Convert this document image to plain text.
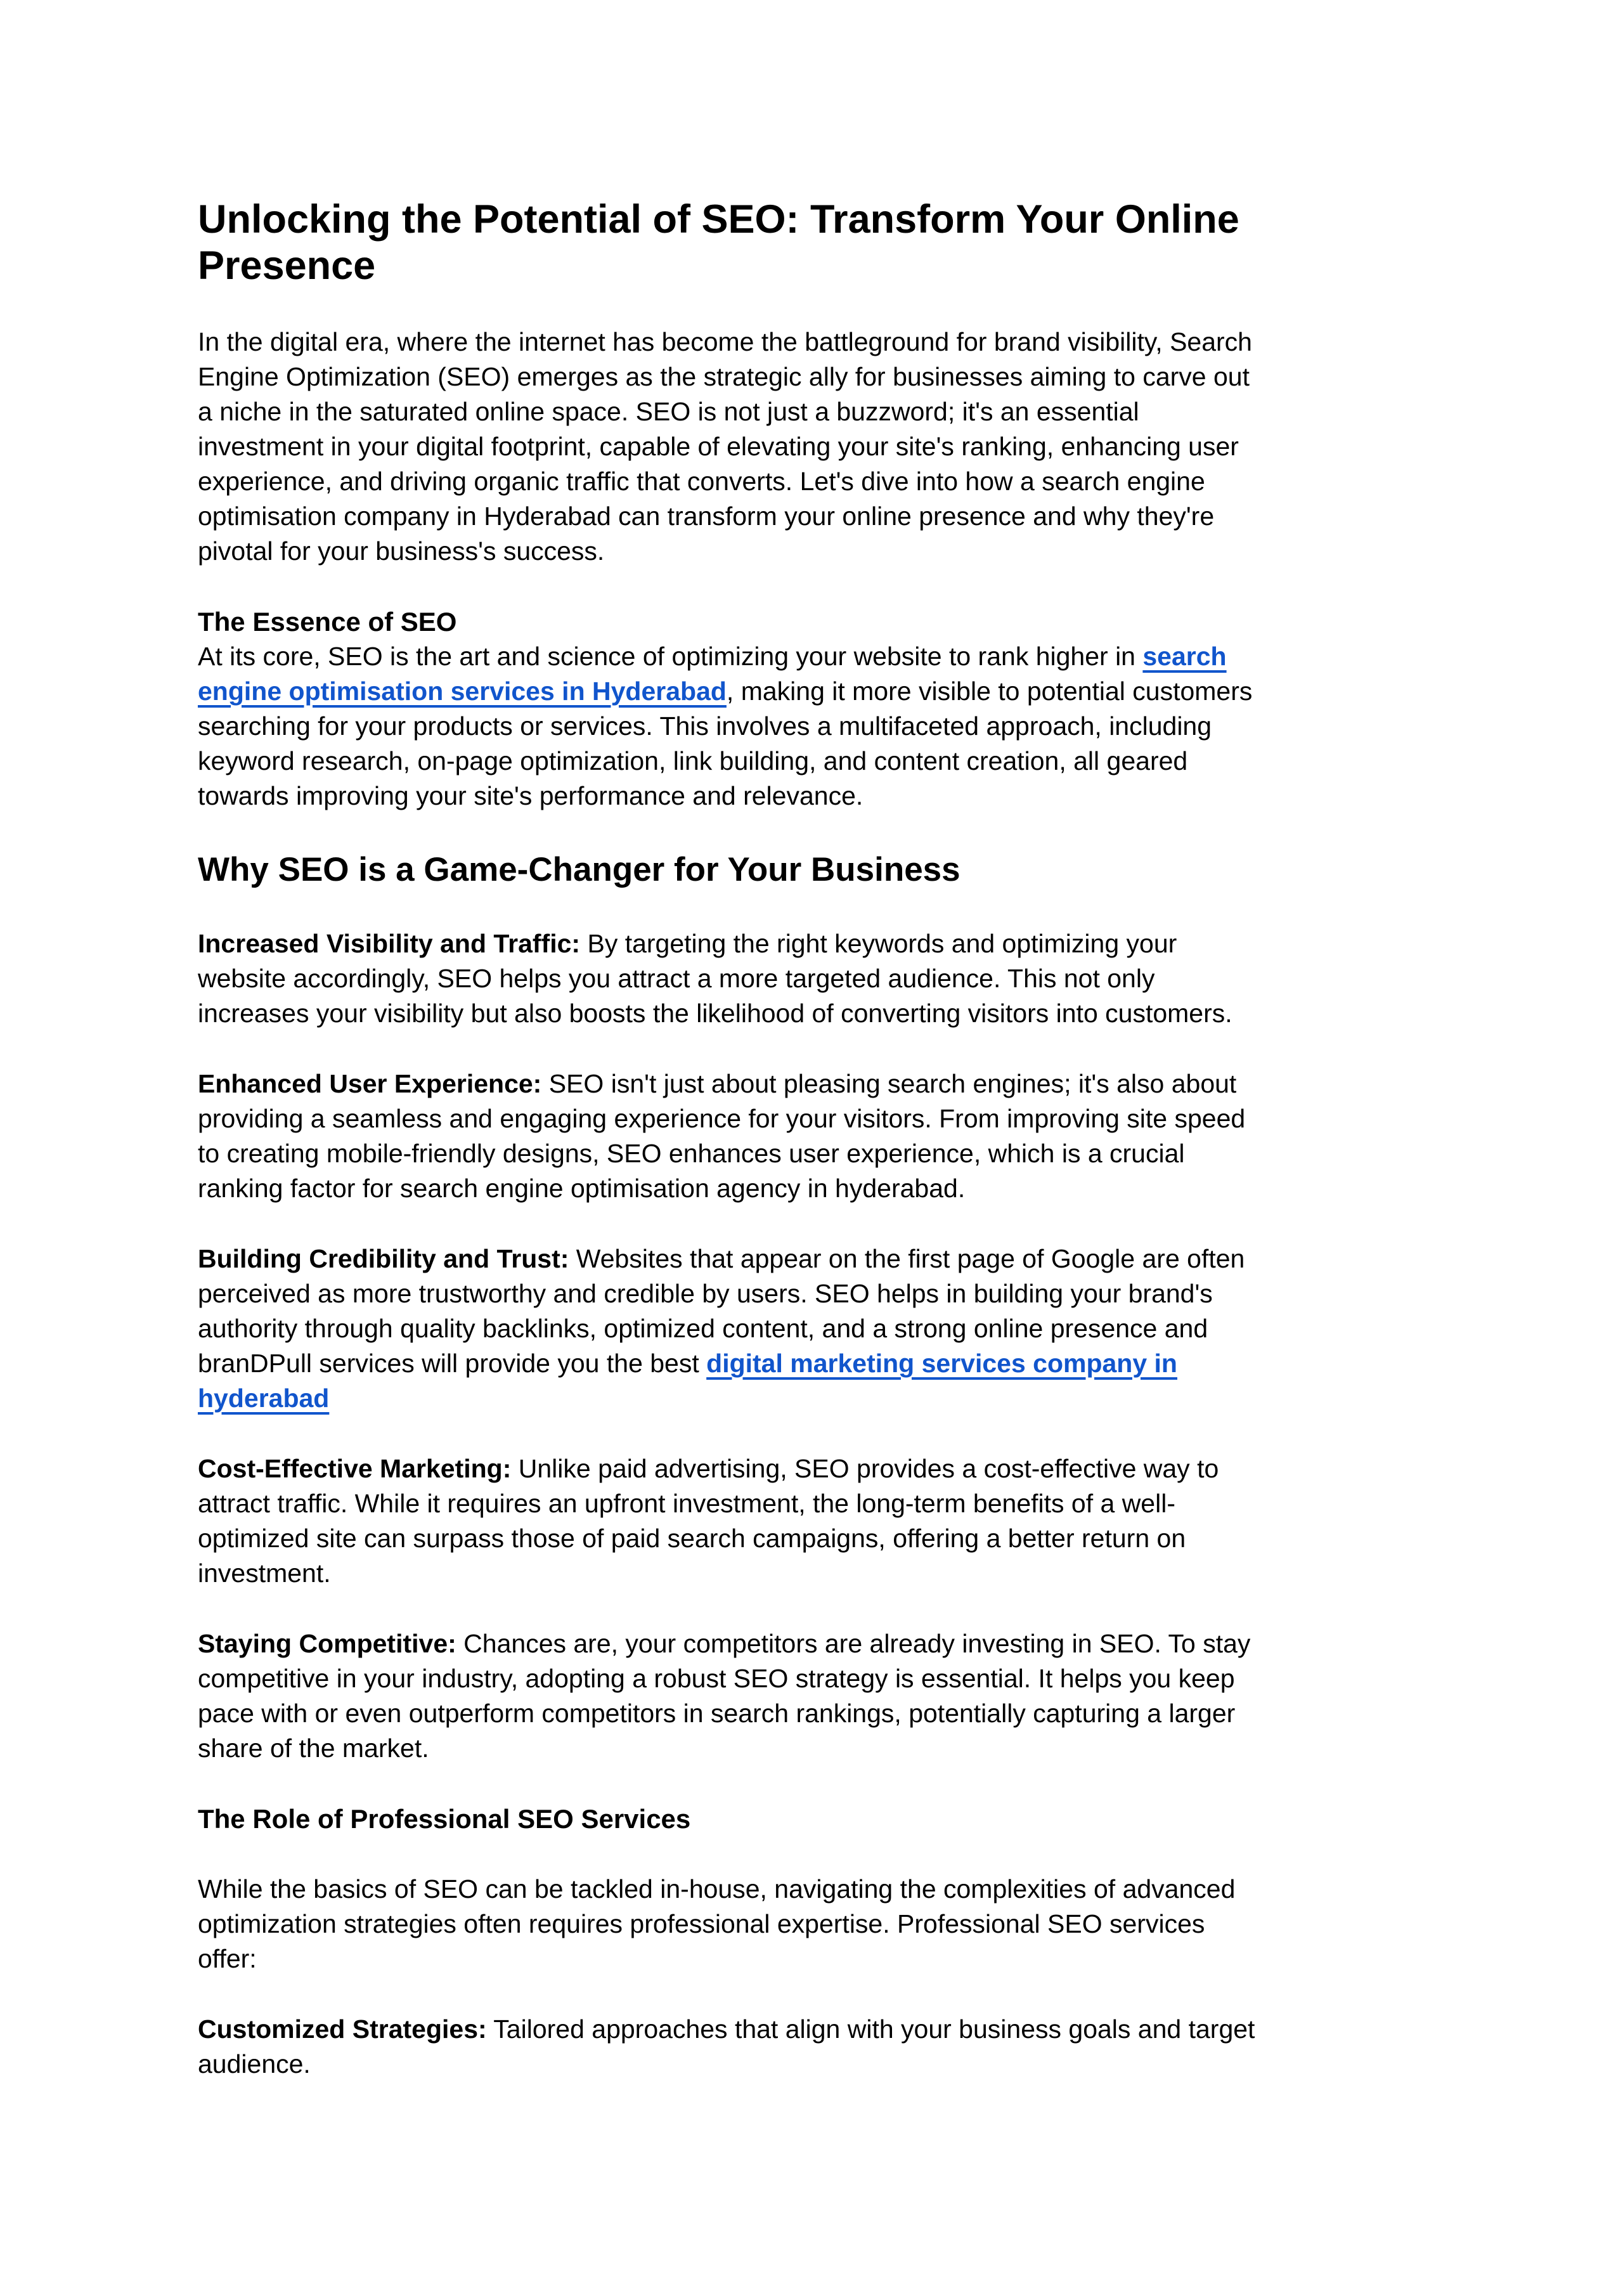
Unlocking the Potential of SEO: Transform Your Online
Presence
In the digital era, where the internet has become the battleground for brand visibility, Search
Engine Optimization (SEO) emerges as the strategic ally for businesses aiming to carve out
a niche in the saturated online space. SEO is not just a buzzword; it's an essential
investment in your digital footprint, capable of elevating your site's ranking, enhancing user
experience, and driving organic traffic that converts. Let's dive into how a search engine
optimisation company in Hyderabad can transform your online presence and why they're
pivotal for your business's success.
The Essence of SEO
At its core, SEO is the art and science of optimizing your website to rank higher in search
engine optimisation services in Hyderabad, making it more visible to potential customers
searching for your products or services. This involves a multifaceted approach, including
keyword research, on-page optimization, link building, and content creation, all geared
towards improving your site's performance and relevance.
Why SEO is a Game-Changer for Your Business
Increased Visibility and Traffic: By targeting the right keywords and optimizing your
website accordingly, SEO helps you attract a more targeted audience. This not only
increases your visibility but also boosts the likelihood of converting visitors into customers.
Enhanced User Experience: SEO isn't just about pleasing search engines; it's also about
providing a seamless and engaging experience for your visitors. From improving site speed
to creating mobile-friendly designs, SEO enhances user experience, which is a crucial
ranking factor for search engine optimisation agency in hyderabad.
Building Credibility and Trust: Websites that appear on the first page of Google are often
perceived as more trustworthy and credible by users. SEO helps in building your brand's
authority through quality backlinks, optimized content, and a strong online presence and
branDPull services will provide you the best digital marketing services company in
hyderabad
Cost-Effective Marketing: Unlike paid advertising, SEO provides a cost-effective way to
attract traffic. While it requires an upfront investment, the long-term benefits of a well-
optimized site can surpass those of paid search campaigns, offering a better return on
investment.
Staying Competitive: Chances are, your competitors are already investing in SEO. To stay
competitive in your industry, adopting a robust SEO strategy is essential. It helps you keep
pace with or even outperform competitors in search rankings, potentially capturing a larger
share of the market.
The Role of Professional SEO Services
While the basics of SEO can be tackled in-house, navigating the complexities of advanced
optimization strategies often requires professional expertise. Professional SEO services
offer:
Customized Strategies: Tailored approaches that align with your business goals and target
audience.
